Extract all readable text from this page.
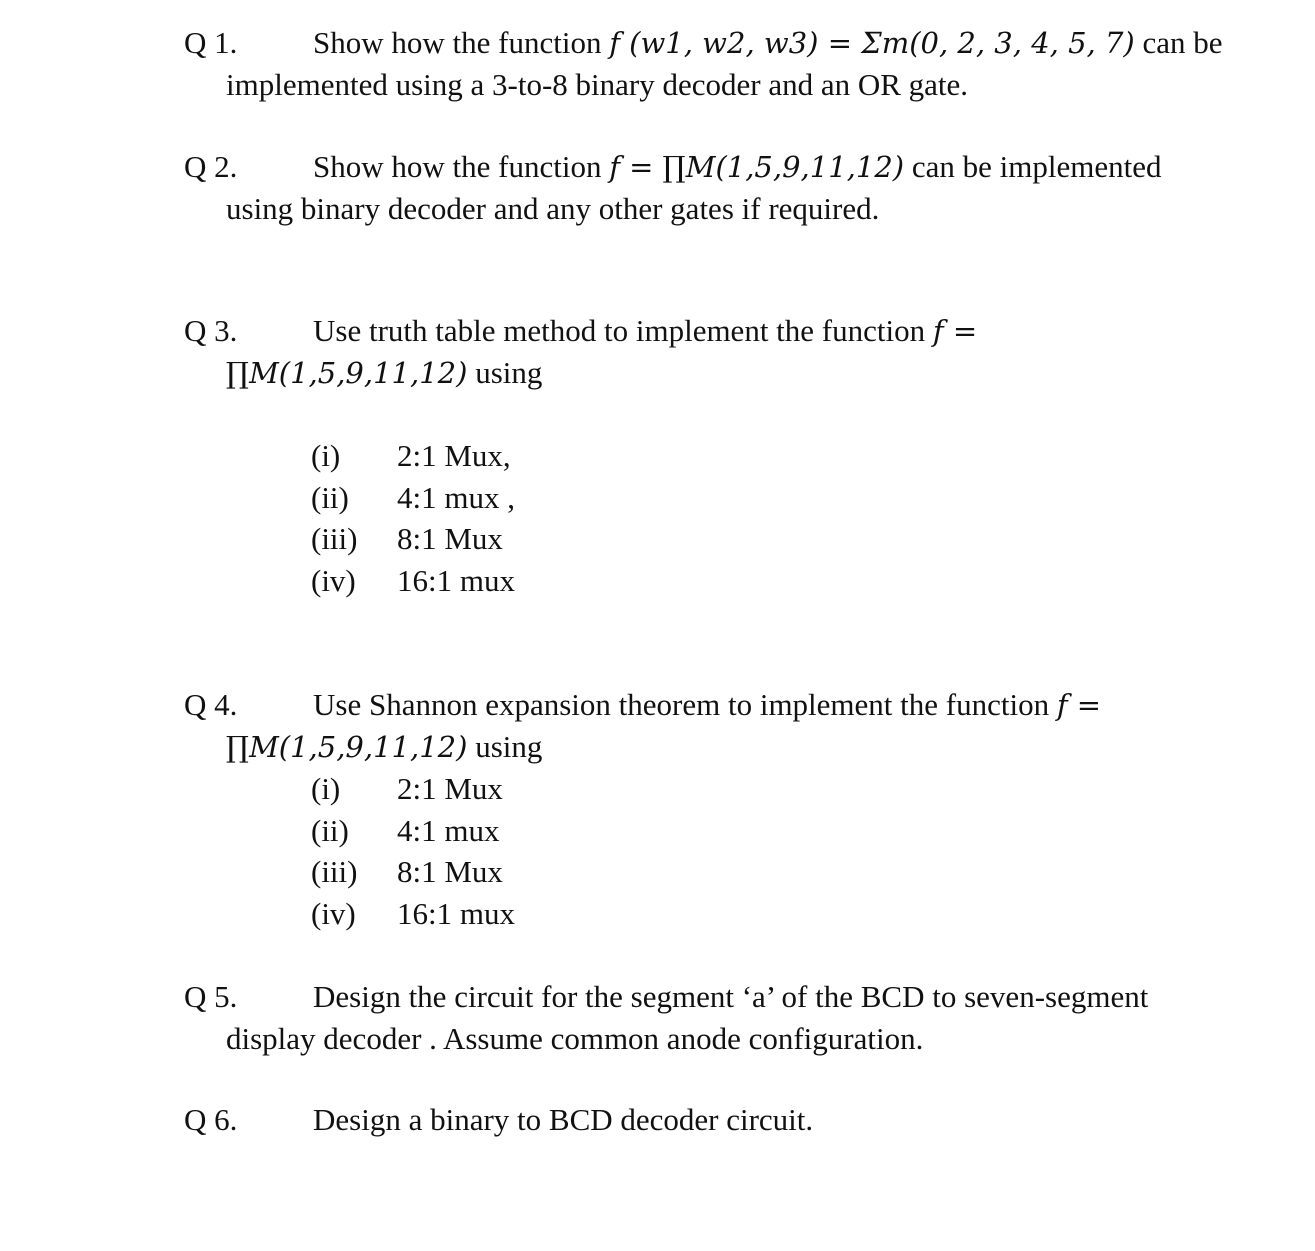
Q 1. Show how the function f (w1, w2, w3) = Σm(0, 2, 3, 4, 5, 7) can be
implemented using a 3-to-8 binary decoder and an OR gate.
Q 2. Show how the function f = ∏M(1,5,9,11,12) can be implemented
using binary decoder and any other gates if required.
Q 3. Use truth table method to implement the function f =
∏M(1,5,9,11,12) using
(i) 2:1 Mux,
(ii) 4:1 mux ,
(iii) 8:1 Mux
(iv) 16:1 mux
Q 4. Use Shannon expansion theorem to implement the function f =
∏M(1,5,9,11,12) using
(i) 2:1 Mux
(ii) 4:1 mux
(iii) 8:1 Mux
(iv) 16:1 mux
Q 5. Design the circuit for the segment ‘a’ of the BCD to seven-segment
display decoder . Assume common anode configuration.
Q 6. Design a binary to BCD decoder circuit.
